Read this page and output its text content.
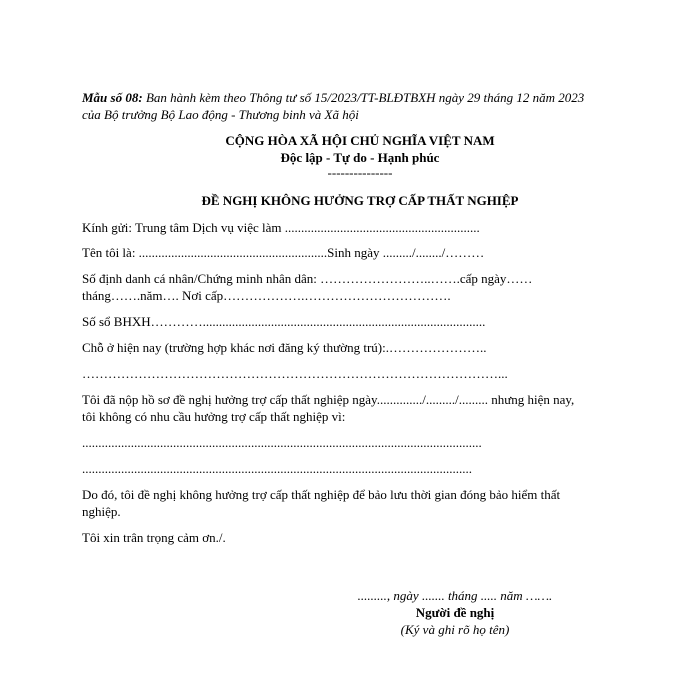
Mẫu số 08: Ban hành kèm theo Thông tư số 15/2023/TT-BLĐTBXH ngày 29 tháng 12 năm 2023
của Bộ trưởng Bộ Lao động - Thương binh và Xã hội
CỘNG HÒA XÃ HỘI CHỦ NGHĨA VIỆT NAM
Độc lập - Tự do - Hạnh phúc
---------------
ĐỀ NGHỊ KHÔNG HƯỞNG TRỢ CẤP THẤT NGHIỆP
Kính gửi: Trung tâm Dịch vụ việc làm ............................................................
Tên tôi là: ..........................................................Sinh ngày ........./......../………
Số định danh cá nhân/Chứng minh nhân dân: ……………………..…….cấp ngày……
tháng…….năm…. Nơi cấp……………….…………………………….
Số sổ BHXH………….......................................................................................
Chỗ ở hiện nay (trường hợp khác nơi đăng ký thường trú):.…………………..
……………………………………………………………………………………...
Tôi đã nộp hồ sơ đề nghị hưởng trợ cấp thất nghiệp ngày............../........./......... nhưng hiện nay,
tôi không có nhu cầu hưởng trợ cấp thất nghiệp vì:
...........................................................................................................................
........................................................................................................................
Do đó, tôi đề nghị không hưởng trợ cấp thất nghiệp để bảo lưu thời gian đóng bảo hiểm thất
nghiệp.
Tôi xin trân trọng cảm ơn./.
........., ngày ....... tháng ..... năm …….
Người đề nghị
(Ký và ghi rõ họ tên)
